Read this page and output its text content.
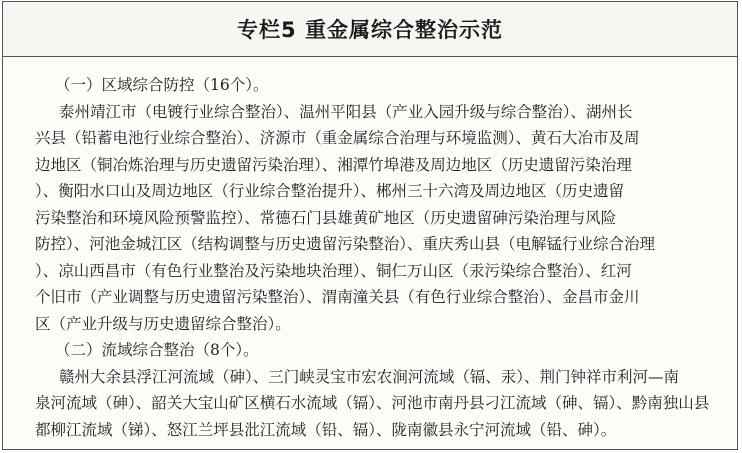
专栏5 重金属综合整治示范
（一）区域综合防控（16个）。
泰州靖江市（电镀行业综合整治）、温州平阳县（产业入园升级与综合整治）、湖州长
兴县（铅蓄电池行业综合整治）、济源市（重金属综合治理与环境监测）、黄石大冶市及周
边地区（铜冶炼治理与历史遗留污染治理）、湘潭竹埠港及周边地区（历史遗留污染治理
）、衡阳水口山及周边地区（行业综合整治提升）、郴州三十六湾及周边地区（历史遗留
污染整治和环境风险预警监控）、常德石门县雄黄矿地区（历史遗留砷污染治理与风险
防控）、河池金城江区（结构调整与历史遗留污染整治）、重庆秀山县（电解锰行业综合治理
）、凉山西昌市（有色行业整治及污染地块治理）、铜仁万山区（汞污染综合整治）、红河
个旧市（产业调整与历史遗留污染整治）、渭南潼关县（有色行业综合整治）、金昌市金川
区（产业升级与历史遗留综合整治）。
（二）流域综合整治（8个）。
赣州大余县浮江河流域（砷）、三门峡灵宝市宏农涧河流域（镉、汞）、荆门钟祥市利河—南
泉河流域（砷）、韶关大宝山矿区横石水流域（镉）、河池市南丹县刁江流域（砷、镉）、黔南独山县
都柳江流域（锑）、怒江兰坪县沘江流域（铅、镉）、陇南徽县永宁河流域（铅、砷）。
